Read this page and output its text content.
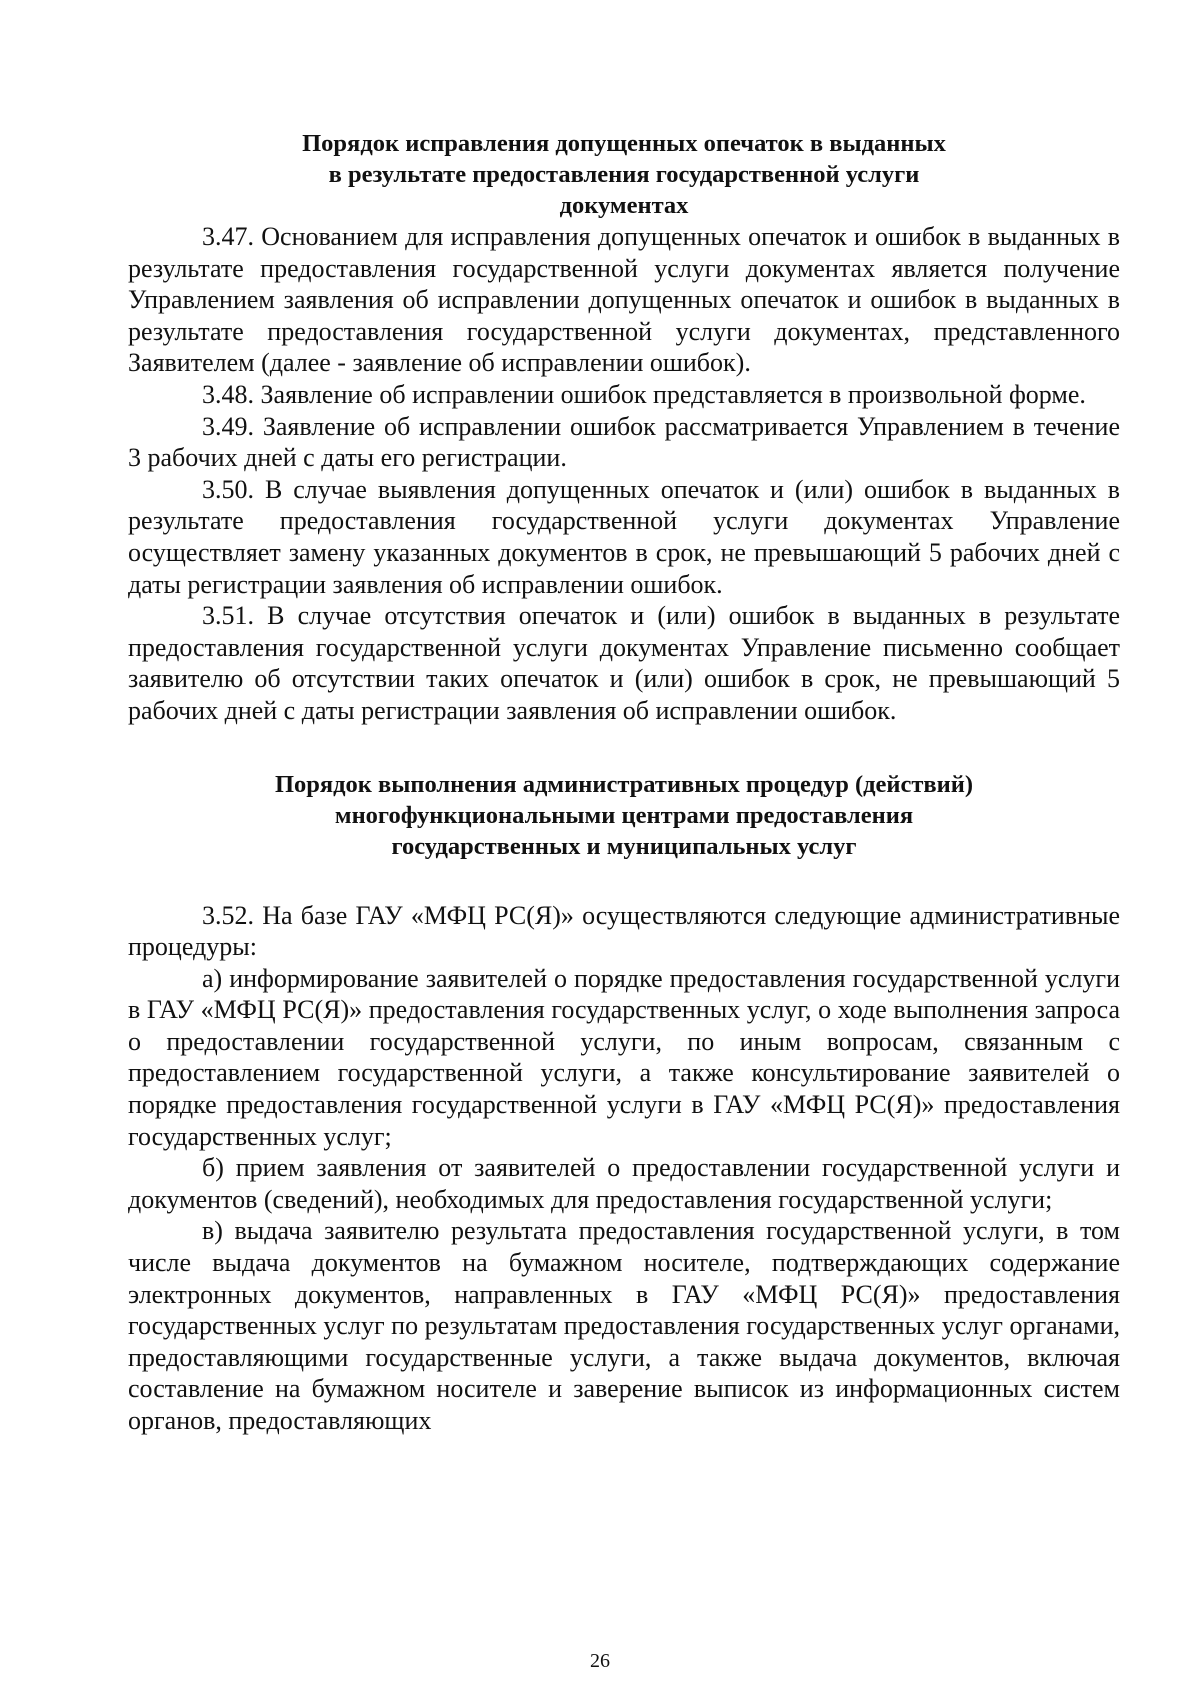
Порядок исправления допущенных опечаток в выданных
в результате предоставления государственной услуги
документах

3.47. Основанием для исправления допущенных опечаток и ошибок в выданных в результате предоставления государственной услуги документах является получение Управлением заявления об исправлении допущенных опечаток и ошибок в выданных в результате предоставления государственной услуги документах, представленного Заявителем (далее - заявление об исправлении ошибок).

3.48. Заявление об исправлении ошибок представляется в произвольной форме.

3.49. Заявление об исправлении ошибок рассматривается Управлением в течение 3 рабочих дней с даты его регистрации.

3.50. В случае выявления допущенных опечаток и (или) ошибок в выданных в результате предоставления государственной услуги документах Управление осуществляет замену указанных документов в срок, не превышающий 5 рабочих дней с даты регистрации заявления об исправлении ошибок.

3.51. В случае отсутствия опечаток и (или) ошибок в выданных в результате предоставления государственной услуги документах Управление письменно сообщает заявителю об отсутствии таких опечаток и (или) ошибок в срок, не превышающий 5 рабочих дней с даты регистрации заявления об исправлении ошибок.

Порядок выполнения административных процедур (действий)
многофункциональными центрами предоставления
государственных и муниципальных услуг

3.52. На базе ГАУ «МФЦ РС(Я)» осуществляются следующие административные процедуры:

а) информирование заявителей о порядке предоставления государственной услуги в ГАУ «МФЦ РС(Я)» предоставления государственных услуг, о ходе выполнения запроса о предоставлении государственной услуги, по иным вопросам, связанным с предоставлением государственной услуги, а также консультирование заявителей о порядке предоставления государственной услуги в ГАУ «МФЦ РС(Я)» предоставления государственных услуг;

б) прием заявления от заявителей о предоставлении государственной услуги и документов (сведений), необходимых для предоставления государственной услуги;

в) выдача заявителю результата предоставления государственной услуги, в том числе выдача документов на бумажном носителе, подтверждающих содержание электронных документов, направленных в ГАУ «МФЦ РС(Я)» предоставления государственных услуг по результатам предоставления государственных услуг органами, предоставляющими государственные услуги, а также выдача документов, включая составление на бумажном носителе и заверение выписок из информационных систем органов, предоставляющих

26
